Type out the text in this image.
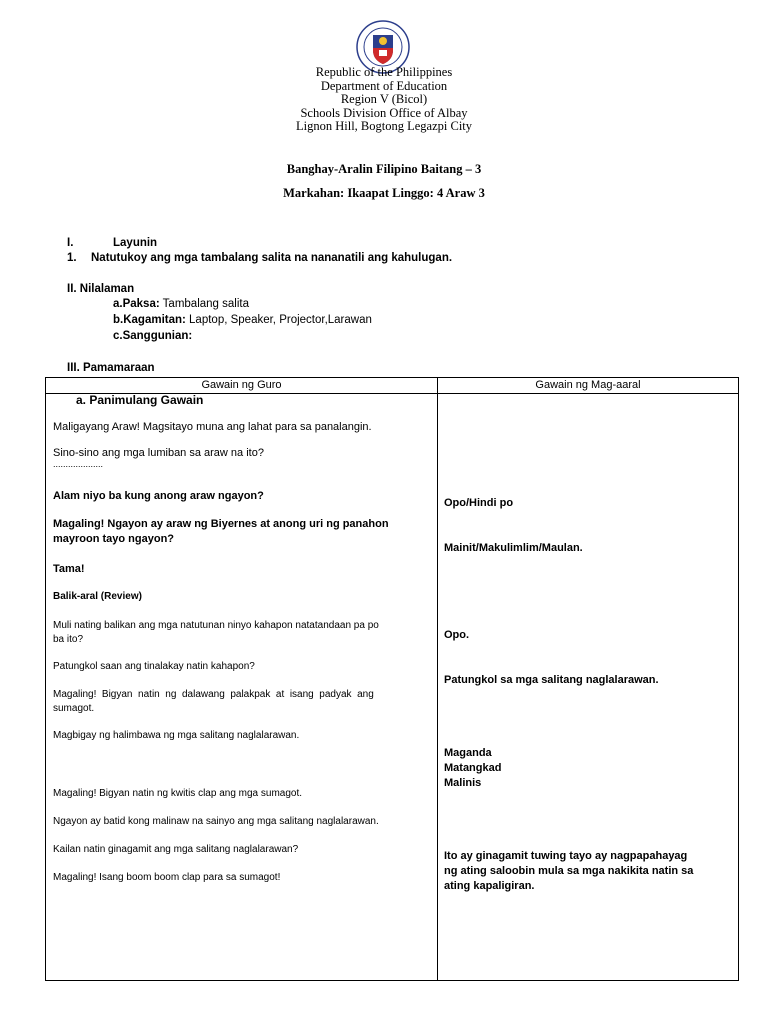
Republic of the Philippines
Department of Education
Region V (Bicol)
Schools Division Office of Albay
Lignon Hill, Bogtong Legazpi City
Banghay-Aralin Filipino Baitang – 3
Markahan: Ikaapat Linggo: 4 Araw 3
I.	Layunin
1. Natutukoy ang mga tambalang salita na nananatili ang kahulugan.
II. Nilalaman
a.Paksa: Tambalang salita
b.Kagamitan: Laptop, Speaker, Projector,Larawan
c.Sanggunian:
III. Pamamaraan
Gawain ng Guro	Gawain ng Mag-aaral
a. Panimulang Gawain
Maligayang Araw! Magsitayo muna ang lahat para sa panalangin.
Sino-sino ang mga lumiban sa araw na ito?
....................
Alam niyo ba kung anong araw ngayon?
Magaling! Ngayon ay araw ng Biyernes at anong uri ng panahon
mayroon tayo ngayon?
Tama!
Balik-aral (Review)
Muli nating balikan ang mga natutunan ninyo kahapon natatandaan pa po
ba ito?
Patungkol saan ang tinalakay natin kahapon?
Magaling!  Bigyan  natin  ng  dalawang  palakpak  at  isang  padyak  ang
sumagot.
Magbigay ng halimbawa ng mga salitang naglalarawan.
Magaling! Bigyan natin ng kwitis clap ang mga sumagot.
Ngayon ay batid kong malinaw na sainyo ang mga salitang naglalarawan.
Kailan natin ginagamit ang mga salitang naglalarawan?
Magaling! Isang boom boom clap para sa sumagot!
Opo/Hindi po
Mainit/Makulimlim/Maulan.
Opo.
Patungkol sa mga salitang naglalarawan.
Maganda
Matangkad
Malinis
Ito ay ginagamit tuwing tayo ay nagpapahayag
ng ating saloobin mula sa mga nakikita natin sa
ating kapaligiran.
